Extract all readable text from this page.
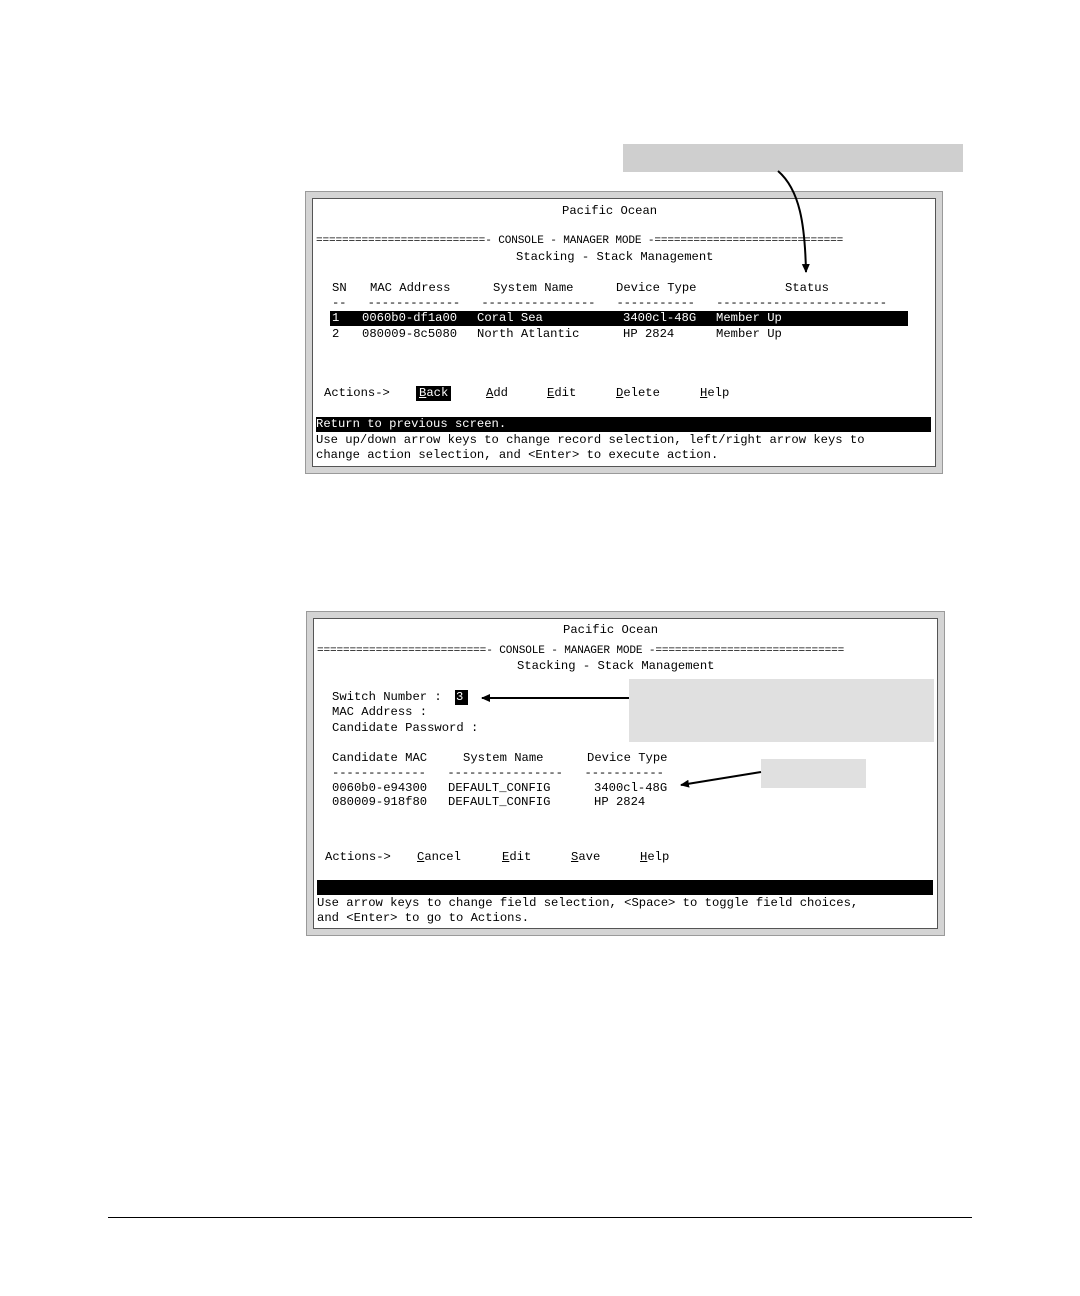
Pacific Ocean
==========================- CONSOLE - MANAGER MODE -=============================
Stacking - Stack Management
SN MAC Address	System Name	Device Type	Status
--   -------------   ----------------   -----------   ------------------------
1 0060b0-df1a00 Coral Sea	3400cl-48G Member Up
2 080009-8c5080 North Atlantic	HP 2824	Member Up
Actions-> Back	Add	Edit	Delete	Help
Return to previous screen.
Use up/down arrow keys to change record selection, left/right arrow keys to
change action selection, and <Enter> to execute action.
Pacific Ocean
==========================- CONSOLE - MANAGER MODE -=============================
Stacking - Stack Management
Switch Number : 3
MAC Address :
Candidate Password :
Candidate MAC	System Name	Device Type
-------------   ----------------   -----------
0060b0-e94300 DEFAULT_CONFIG	3400cl-48G
080009-918f80 DEFAULT_CONFIG	HP 2824
Actions-> Cancel	Edit	Save	Help
Use arrow keys to change field selection, <Space> to toggle field choices,
and <Enter> to go to Actions.
